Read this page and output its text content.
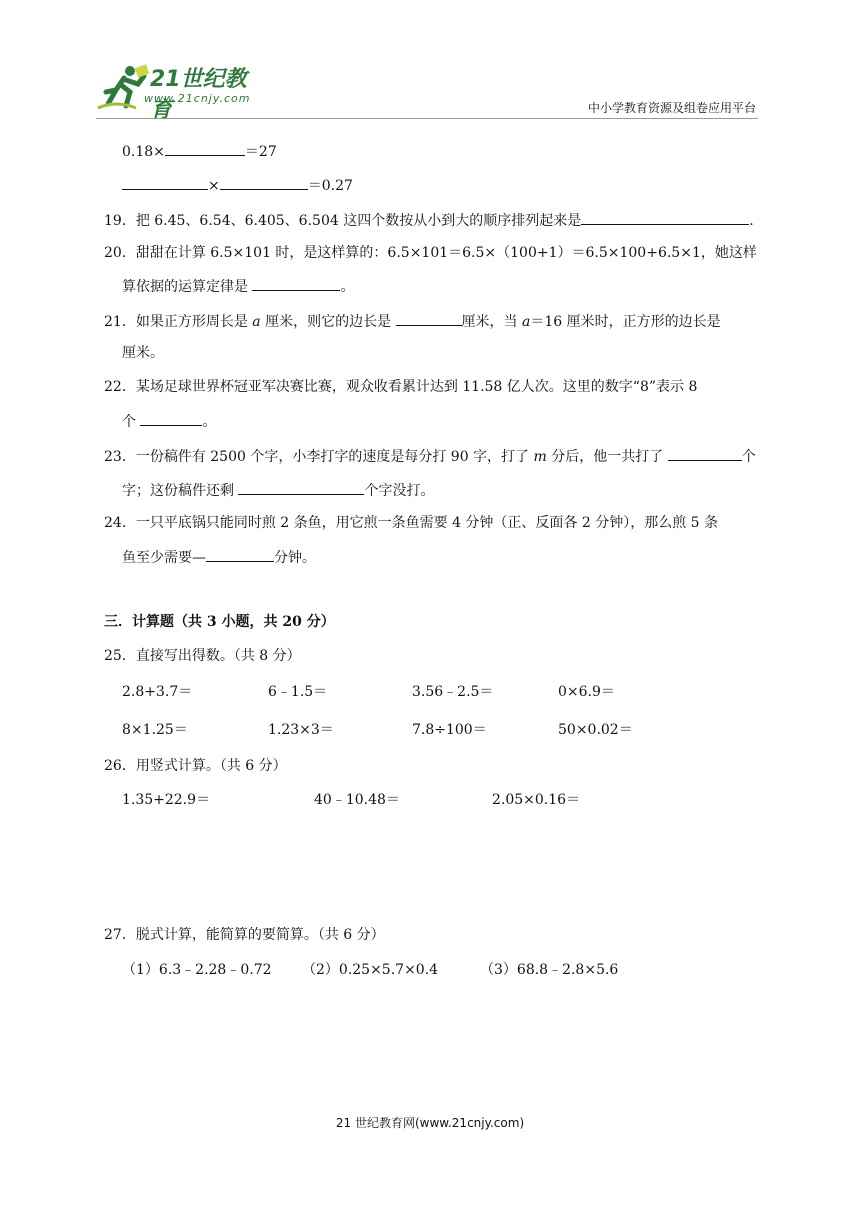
21世纪教育
www.21cnjy.com
中小学教育资源及组卷应用平台
0.18×	＝27
×	＝0.27
19．把 6.45、6.54、6.405、6.504 这四个数按从小到大的顺序排列起来是	.
20．甜甜在计算 6.5×101 时，是这样算的：6.5×101＝6.5×（100+1）＝6.5×100+6.5×1，她这样
算依据的运算定律是	。
21．如果正方形周长是 a 厘米，则它的边长是	厘米，当 a＝16 厘米时，正方形的边长是
厘米。
22．某场足球世界杯冠亚军决赛比赛，观众收看累计达到 11.58 亿人次。这里的数字“8”表示 8
个	。
23．一份稿件有 2500 个字，小李打字的速度是每分打 90 字，打了 m 分后，他一共打了	个
字；这份稿件还剩	个字没打。
24．一只平底锅只能同时煎 2 条鱼，用它煎一条鱼需要 4 分钟（正、反面各 2 分钟），那么煎 5 条
鱼至少需要—	分钟。
三．计算题（共 3 小题，共 20 分）
25．直接写出得数。（共 8 分）
2.8+3.7＝	6﹣1.5＝	3.56﹣2.5＝	0×6.9＝
8×1.25＝	1.23×3＝	7.8÷100＝	50×0.02＝
26．用竖式计算。（共 6 分）
1.35+22.9＝	40﹣10.48＝	2.05×0.16＝
27．脱式计算，能简算的要简算。（共 6 分）
（1）6.3﹣2.28﹣0.72 （2）0.25×5.7×0.4	（3）68.8﹣2.8×5.6
21 世纪教育网(www.21cnjy.com)
